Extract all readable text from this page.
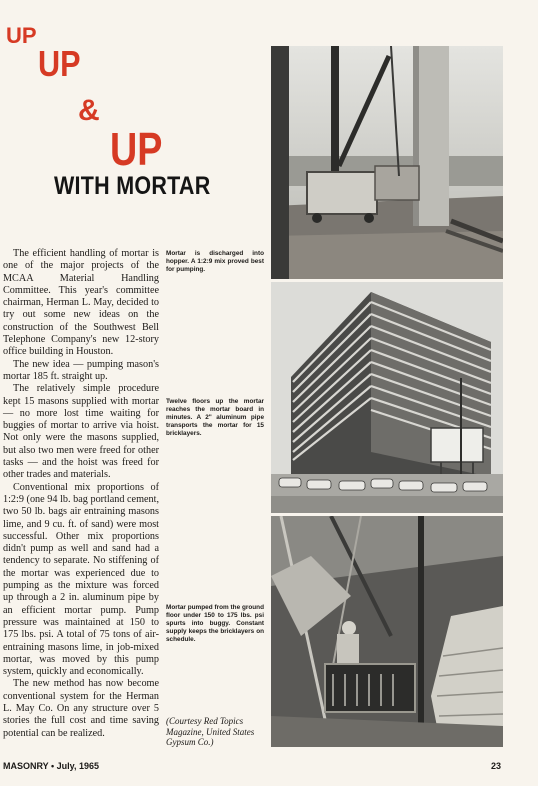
UP
UP
&
UP
WITH MORTAR

The efficient handling of mortar is one of the major projects of the MCAA Material Handling Committee. This year's committee chairman, Herman L. May, decided to try out some new ideas on the construction of the Southwest Bell Telephone Company's new 12-story office building in Houston.

The new idea — pumping mason's mortar 185 ft. straight up.

The relatively simple procedure kept 15 masons supplied with mortar — no more lost time waiting for buggies of mortar to arrive via hoist. Not only were the masons supplied, but also two men were freed for other tasks — and the hoist was freed for other trades and materials.

Conventional mix proportions of 1:2:9 (one 94 lb. bag portland cement, two 50 lb. bags air entraining masons lime, and 9 cu. ft. of sand) were most successful. Other mix proportions didn't pump as well and sand had a tendency to separate. No stiffening of the mortar was experienced due to pumping as the mixture was forced up through a 2 in. aluminum pipe by an efficient mortar pump. Pump pressure was maintained at 150 to 175 lbs. psi. A total of 75 tons of air-entraining masons lime, in job-mixed mortar, was moved by this pump system, quickly and economically.

The new method has now become conventional system for the Herman L. May Co. On any structure over 5 stories the full cost and time saving potential can be realized.

Mortar is discharged into hopper. A 1:2:9 mix proved best for pumping.

Twelve floors up the mortar reaches the mortar board in minutes. A 2" aluminum pipe transports the mortar for 15 bricklayers.

Mortar pumped from the ground floor under 150 to 175 lbs. psi spurts into buggy. Constant supply keeps the bricklayers on schedule.

(Courtesy Red Topics Magazine, United States Gypsum Co.)

MASONRY • July, 1965	23
